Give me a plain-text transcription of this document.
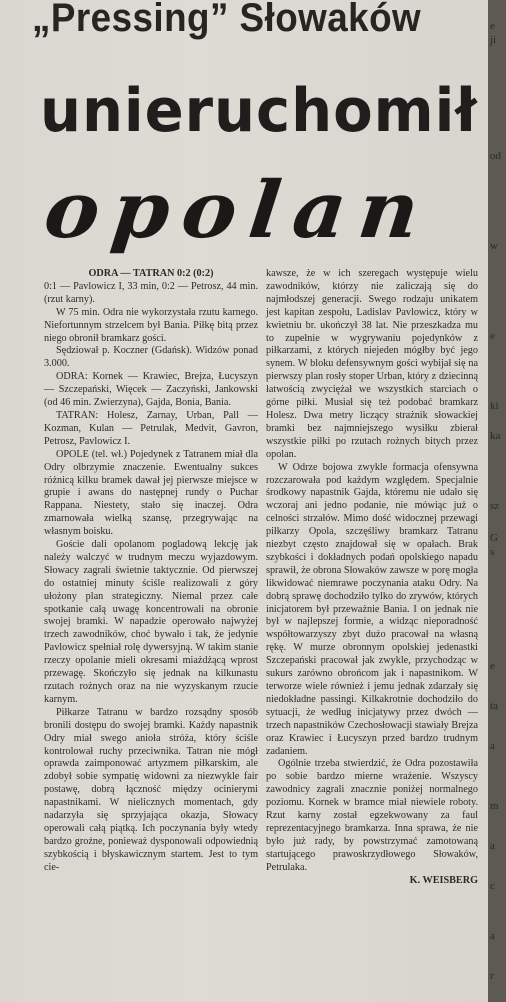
„Pressing” Słowaków
unieruchomił
opolan

ODRA — TATRAN 0:2 (0:2)

0:1 — Pavlowicz I, 33 min, 0:2 — Petrosz, 44 min. (rzut karny).

W 75 min. Odra nie wykorzystała rzutu karnego. Niefortunnym strzelcem był Bania. Piłkę bitą przez niego obronił bramkarz gości.

Sędziował p. Koczner (Gdańsk). Widzów ponad 3.000.

ODRA: Kornek — Krawiec, Brejza, Łucyszyn — Szczepański, Więcek — Zaczyński, Jankowski (od 46 min. Zwierzyna), Gajda, Bonia, Bania.

TATRAN: Holesz, Zarnay, Urban, Pall — Kozman, Kulan — Petrulak, Medvit, Gavron, Petrosz, Pavlowicz I.

OPOLE (tel. wł.) Pojedynek z Tatranem miał dla Odry olbrzymie znaczenie. Ewentualny sukces różnicą kilku bramek dawał jej pierwsze miejsce w grupie i awans do następnej rundy o Puchar Rappana. Niestety, stało się inaczej. Odra zmarnowała wielką szansę, przegrywając na własnym boisku.

Goście dali opolanom pogladową lekcję jak należy walczyć w trudnym meczu wyjazdowym. Słowacy zagrali świetnie taktycznie. Od pierwszej do ostatniej minuty ściśle realizowali z góry ułożony plan strategiczny. Niemal przez całe spotkanie całą uwagę koncentrowali na obronie swojej bramki. W napadzie operowało najwyżej trzech zawodników, choć bywało i tak, że jedynie Pavlowicz spełniał rolę dywersyjną. W takim stanie rzeczy opolanie mieli okresami miażdżącą wprost przewagę. Skończyło się jednak na kilkunastu rzutach rożnych oraz na nie wyzyskanym rzucie karnym.

Piłkarze Tatranu w bardzo rozsądny sposób bronili dostępu do swojej bramki. Każdy napastnik Odry miał swego anioła stróża, który ściśle kontrolował ruchy przeciwnika. Tatran nie mógł oprawda zaimponować artyzmem piłkarskim, ale zdobył sobie sympatię widowni za niezwykle fair postawę, dobrą łączność między ocinierymi napastnikami. W nielicznych momentach, gdy nadarzyła się sprzyjająca okazja, Słowacy operowali całą piątką. Ich poczynania były wtedy bardzo groźne, ponieważ dysponowali odpowiednią szybkością i błyskawicznym startem. Jest to tym cie-

kawsze, że w ich szeregach występuje wielu zawodników, którzy nie zaliczają się do najmłodszej generacji. Swego rodzaju unikatem jest kapitan zespołu, Ladislav Pavlowicz, który w kwietniu br. ukończył 38 lat. Nie przeszkadza mu to zupełnie w wygrywaniu pojedynków z piłkarzami, z których niejeden mógłby być jego synem. W bloku defensywnym gości wybijał się na pierwszy plan rosły stoper Urban, który z dziecinną łatwością zwyciężał we wszystkich starciach o górne piłki. Musiał się też podobać bramkarz Holesz. Dwa metry liczący strażnik słowackiej bramki bez najmniejszego wysiłku zbierał wszystkie piłki po rzutach rożnych bitych przez opolan.

W Odrze bojowa zwykle formacja ofensywna rozczarowała pod każdym względem. Specjalnie środkowy napastnik Gajda, któremu nie udało się wczoraj ani jedno podanie, nie mówiąc już o celności strzałów. Mimo dość widocznej przewagi piłkarzy Opola, szczęśliwy bramkarz Tatranu niezbyt często znajdował się w opałach. Brak szybkości i dokładnych podań opolskiego napadu sprawił, że obrona Słowaków zawsze w porę mogła likwidować niemrawe poczynania ataku Odry. Na dobrą sprawę dochodziło tylko do zrywów, których inicjatorem był przeważnie Bania. I on jednak nie był w najlepszej formie, a widząc nieporadność współtowarzyszy zbyt dużo pracował na własną rękę. W murze obronnym opolskiej jedenastki Szczepański pracował jak zwykle, przychodząc w sukurs zarówno obrońcom jak i napastnikom. W terworze wiele również i jemu jednak zdarzały się niedokładne passingi. Kilkakrotnie dochodziło do sytuacji, że według inicjatywy przez dwóch — trzech napastników Czechosłowacji stawiały Brejza oraz Krawiec i Łucyszyn przed bardzo trudnym zadaniem.

Ogólnie trzeba stwierdzić, że Odra pozostawiła po sobie bardzo mierne wrażenie. Wszyscy zawodnicy zagrali znacznie poniżej normalnego poziomu. Kornek w bramce miał niewiele roboty. Rzut karny został egzekwowany za faul reprezentacyjnego bramkarza. Inna sprawa, że nie było już rady, by powstrzymać zamotowaną startującego prawoskrzydłowego Słowaków, Petrulaka.

K. WEISBERG

e
ji
od
w
e
ki
ka
sz
G
s
e
ta
a
m
a
c
a
r
